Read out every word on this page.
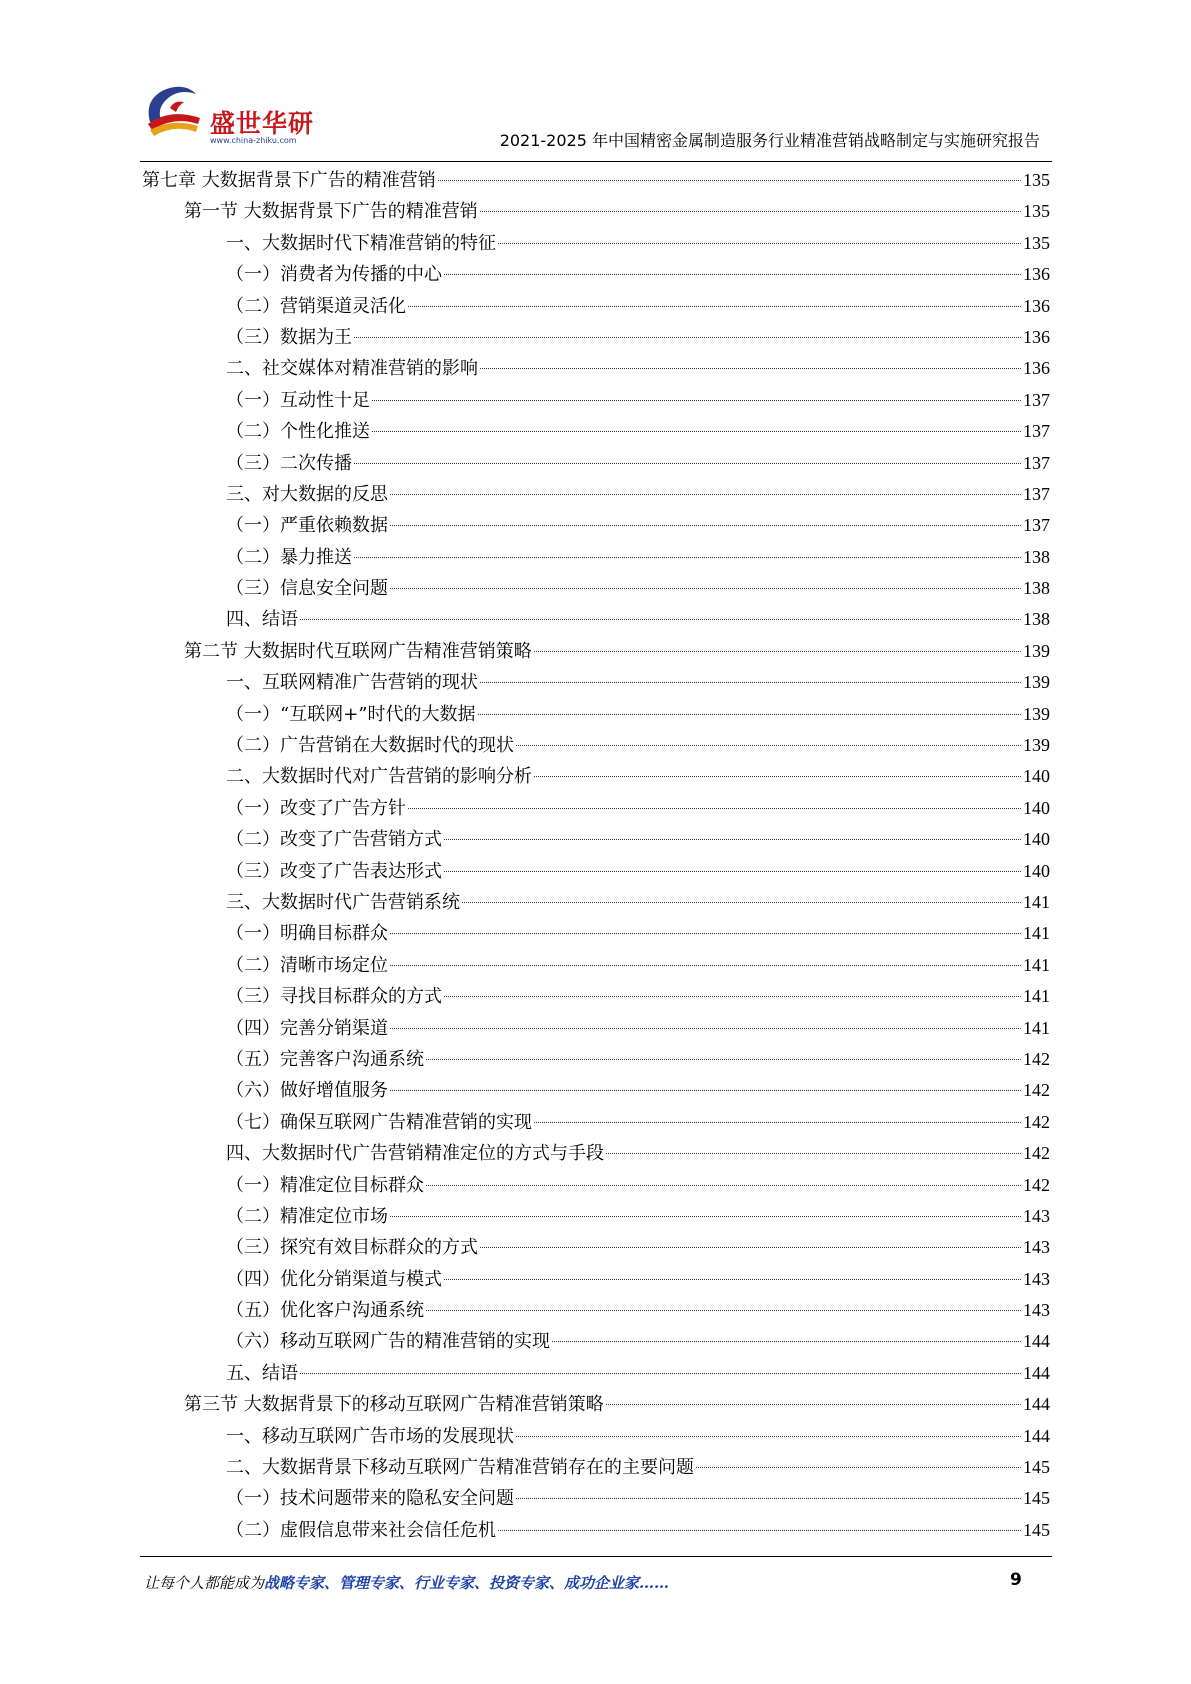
盛世华研
www.china-zhiku.com	2021-2025 年中国精密金属制造服务行业精准营销战略制定与实施研究报告
第七章 大数据背景下广告的精准营销	135
第一节 大数据背景下广告的精准营销	135
一、大数据时代下精准营销的特征	135
（一）消费者为传播的中心	136
（二）营销渠道灵活化	136
（三）数据为王	136
二、社交媒体对精准营销的影响	136
（一）互动性十足	137
（二）个性化推送	137
（三）二次传播	137
三、对大数据的反思	137
（一）严重依赖数据	137
（二）暴力推送	138
（三）信息安全问题	138
四、结语	138
第二节 大数据时代互联网广告精准营销策略	139
一、互联网精准广告营销的现状	139
（一）“互联网+”时代的大数据	139
（二）广告营销在大数据时代的现状	139
二、大数据时代对广告营销的影响分析	140
（一）改变了广告方针	140
（二）改变了广告营销方式	140
（三）改变了广告表达形式	140
三、大数据时代广告营销系统	141
（一）明确目标群众	141
（二）清晰市场定位	141
（三）寻找目标群众的方式	141
（四）完善分销渠道	141
（五）完善客户沟通系统	142
（六）做好增值服务	142
（七）确保互联网广告精准营销的实现	142
四、大数据时代广告营销精准定位的方式与手段	142
（一）精准定位目标群众	142
（二）精准定位市场	143
（三）探究有效目标群众的方式	143
（四）优化分销渠道与模式	143
（五）优化客户沟通系统	143
（六）移动互联网广告的精准营销的实现	144
五、结语	144
第三节 大数据背景下的移动互联网广告精准营销策略	144
一、移动互联网广告市场的发展现状	144
二、大数据背景下移动互联网广告精准营销存在的主要问题	145
（一）技术问题带来的隐私安全问题	145
（二）虚假信息带来社会信任危机	145
让每个人都能成为战略专家、管理专家、行业专家、投资专家、成功企业家……	9
